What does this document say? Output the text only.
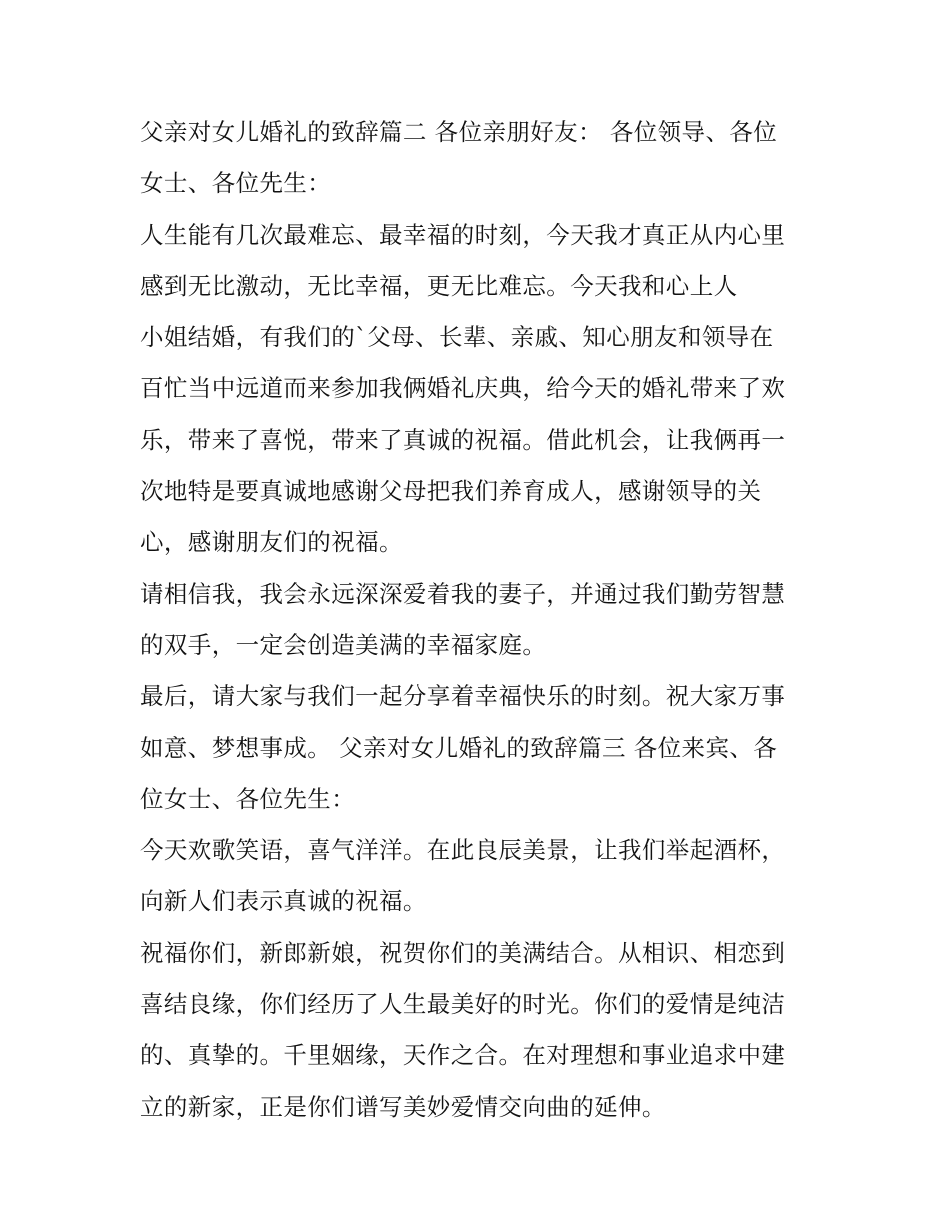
父亲对女儿婚礼的致辞篇二 各位亲朋好友： 各位领导、各位
女士、各位先生：
人生能有几次最难忘、最幸福的时刻，今天我才真正从内心里
感到无比激动，无比幸福，更无比难忘。今天我和心上人
小姐结婚，有我们的`父母、长辈、亲戚、知心朋友和领导在
百忙当中远道而来参加我俩婚礼庆典，给今天的婚礼带来了欢
乐，带来了喜悦，带来了真诚的祝福。借此机会，让我俩再一
次地特是要真诚地感谢父母把我们养育成人，感谢领导的关
心，感谢朋友们的祝福。
请相信我，我会永远深深爱着我的妻子，并通过我们勤劳智慧
的双手，一定会创造美满的幸福家庭。
最后，请大家与我们一起分享着幸福快乐的时刻。祝大家万事
如意、梦想事成。 父亲对女儿婚礼的致辞篇三 各位来宾、各
位女士、各位先生：
今天欢歌笑语，喜气洋洋。在此良辰美景，让我们举起酒杯，
向新人们表示真诚的祝福。
祝福你们，新郎新娘，祝贺你们的美满结合。从相识、相恋到
喜结良缘，你们经历了人生最美好的时光。你们的爱情是纯洁
的、真挚的。千里姻缘，天作之合。在对理想和事业追求中建
立的新家，正是你们谱写美妙爱情交向曲的延伸。
